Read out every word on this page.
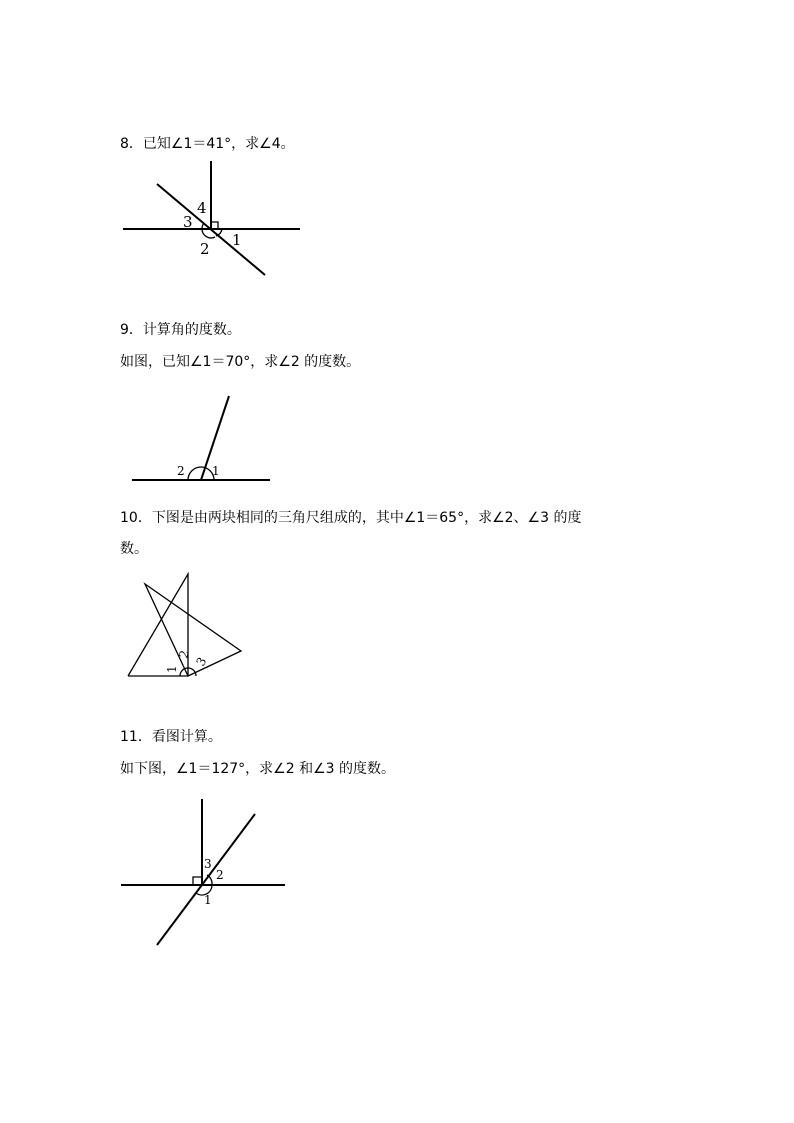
8．已知∠1＝41°，求∠4。
4
3
2 1
9．计算角的度数。
如图，已知∠1＝70°，求∠2 的度数。
2 1
10．下图是由两块相同的三角尺组成的，其中∠1＝65°，求∠2、∠3 的度
数。
1
2
3
11．看图计算。
如下图，∠1＝127°，求∠2 和∠3 的度数。
3
2
1
